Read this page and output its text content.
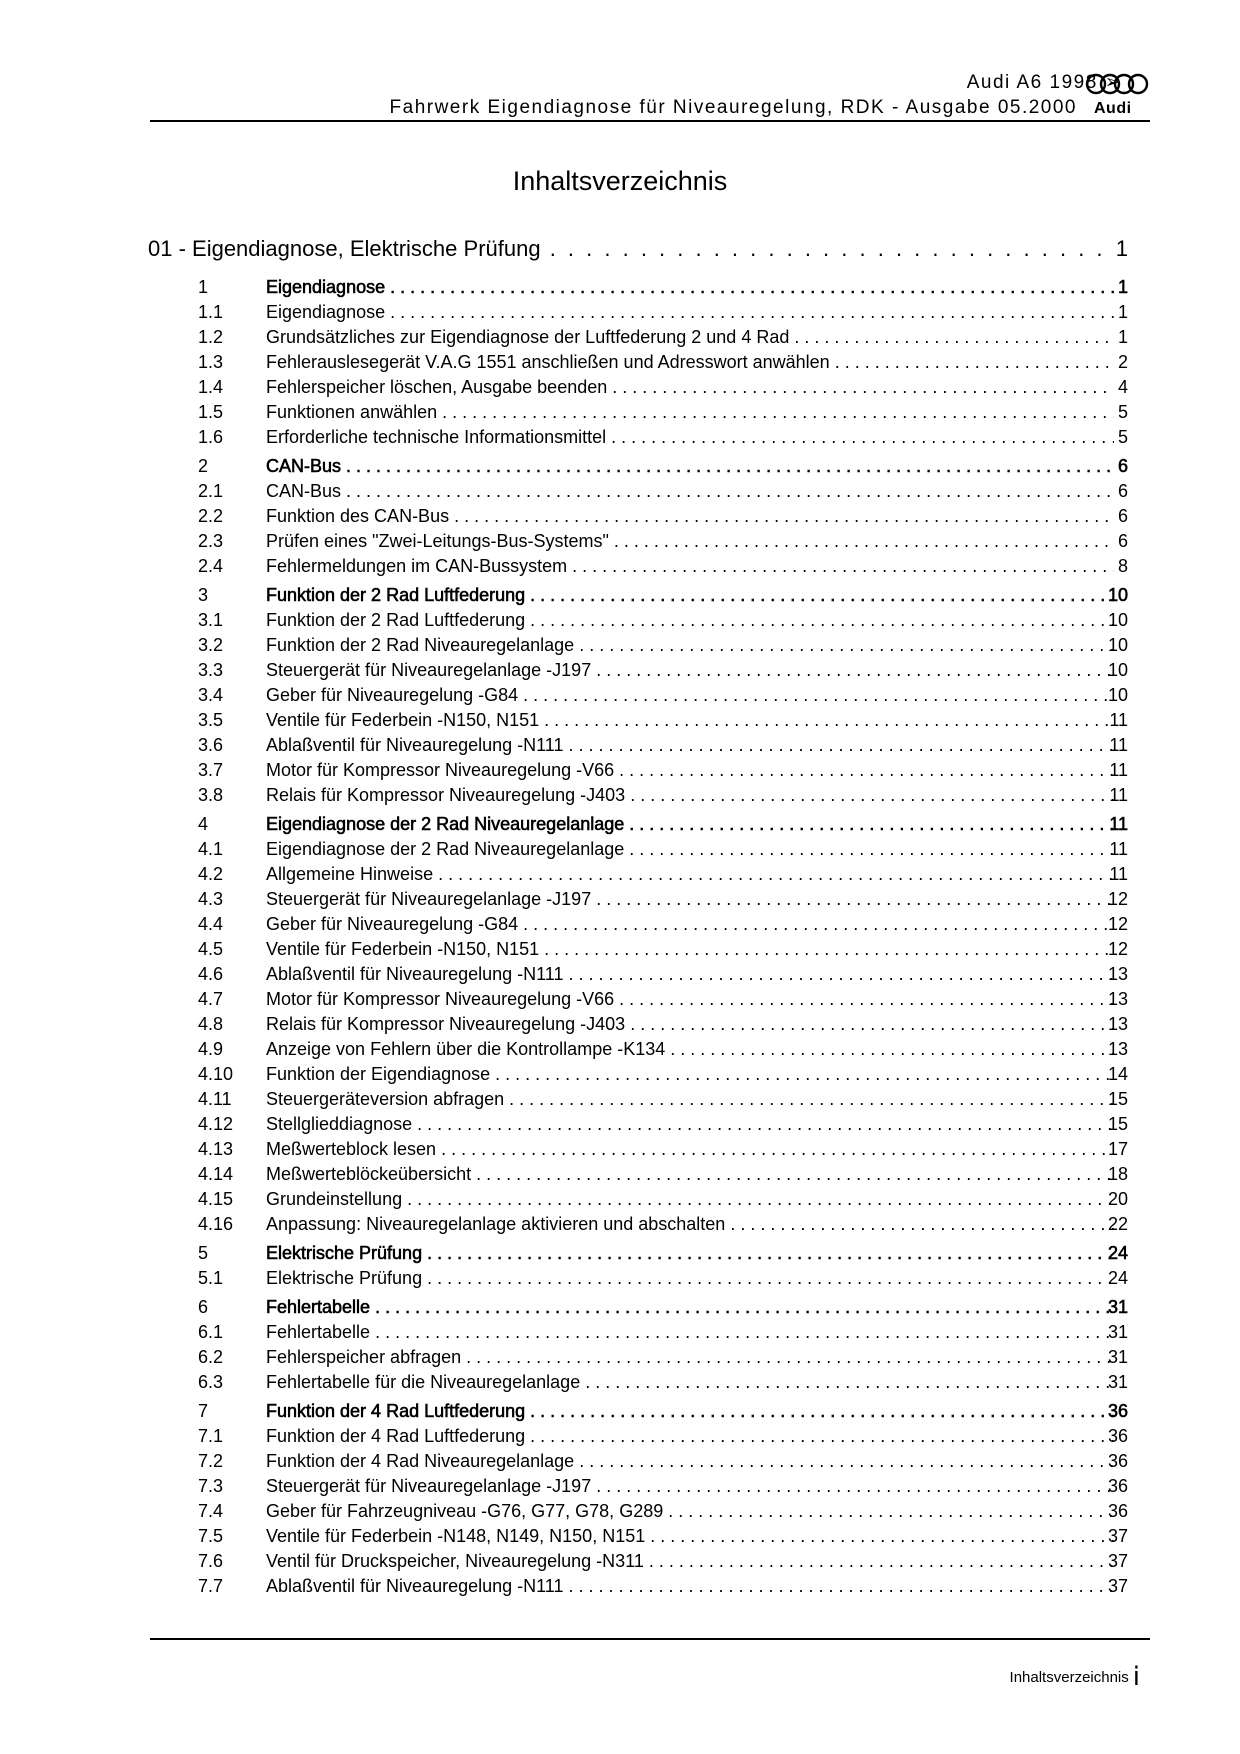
Audi A6 1998 ➢
Fahrwerk Eigendiagnose für Niveauregelung, RDK - Ausgabe 05.2000 Audi
Inhaltsverzeichnis
01 - Eigendiagnose, Elektrische Prüfung . . .	1
1	Eigendiagnose . . .	1
1.1	Eigendiagnose . . .	1
1.2	Grundsätzliches zur Eigendiagnose der Luftfederung 2 und 4 Rad . . .	1
1.3	Fehlerauslesegerät V.A.G 1551 anschließen und Adresswort anwählen . . .	2
1.4	Fehlerspeicher löschen, Ausgabe beenden . . .	4
1.5	Funktionen anwählen . . .	5
1.6	Erforderliche technische Informationsmittel . . .	5
2	CAN-Bus . . .	6
2.1	CAN-Bus . . .	6
2.2	Funktion des CAN-Bus . . .	6
2.3	Prüfen eines "Zwei-Leitungs-Bus-Systems" . . .	6
2.4	Fehlermeldungen im CAN-Bussystem . . .	8
3	Funktion der 2 Rad Luftfederung . . .	10
3.1	Funktion der 2 Rad Luftfederung . . .	10
3.2	Funktion der 2 Rad Niveauregelanlage . . .	10
3.3	Steuergerät für Niveauregelanlage -J197 . . .	10
3.4	Geber für Niveauregelung -G84 . . .	10
3.5	Ventile für Federbein -N150, N151 . . .	11
3.6	Ablaßventil für Niveauregelung -N111 . . .	11
3.7	Motor für Kompressor Niveauregelung -V66 . . .	11
3.8	Relais für Kompressor Niveauregelung -J403 . . .	11
4	Eigendiagnose der 2 Rad Niveauregelanlage . . .	11
4.1	Eigendiagnose der 2 Rad Niveauregelanlage . . .	11
4.2	Allgemeine Hinweise . . .	11
4.3	Steuergerät für Niveauregelanlage -J197 . . .	12
4.4	Geber für Niveauregelung -G84 . . .	12
4.5	Ventile für Federbein -N150, N151 . . .	12
4.6	Ablaßventil für Niveauregelung -N111 . . .	13
4.7	Motor für Kompressor Niveauregelung -V66 . . .	13
4.8	Relais für Kompressor Niveauregelung -J403 . . .	13
4.9	Anzeige von Fehlern über die Kontrollampe -K134 . . .	13
4.10	Funktion der Eigendiagnose . . .	14
4.11	Steuergeräteversion abfragen . . .	15
4.12	Stellglieddiagnose . . .	15
4.13	Meßwerteblock lesen . . .	17
4.14	Meßwerteblöckeübersicht . . .	18
4.15	Grundeinstellung . . .	20
4.16	Anpassung: Niveauregelanlage aktivieren und abschalten . . .	22
5	Elektrische Prüfung . . .	24
5.1	Elektrische Prüfung . . .	24
6	Fehlertabelle . . .	31
6.1	Fehlertabelle . . .	31
6.2	Fehlerspeicher abfragen . . .	31
6.3	Fehlertabelle für die Niveauregelanlage . . .	31
7	Funktion der 4 Rad Luftfederung . . .	36
7.1	Funktion der 4 Rad Luftfederung . . .	36
7.2	Funktion der 4 Rad Niveauregelanlage . . .	36
7.3	Steuergerät für Niveauregelanlage -J197 . . .	36
7.4	Geber für Fahrzeugniveau -G76, G77, G78, G289 . . .	36
7.5	Ventile für Federbein -N148, N149, N150, N151 . . .	37
7.6	Ventil für Druckspeicher, Niveauregelung -N311 . . .	37
7.7	Ablaßventil für Niveauregelung -N111 . . .	37
Inhaltsverzeichnis i
